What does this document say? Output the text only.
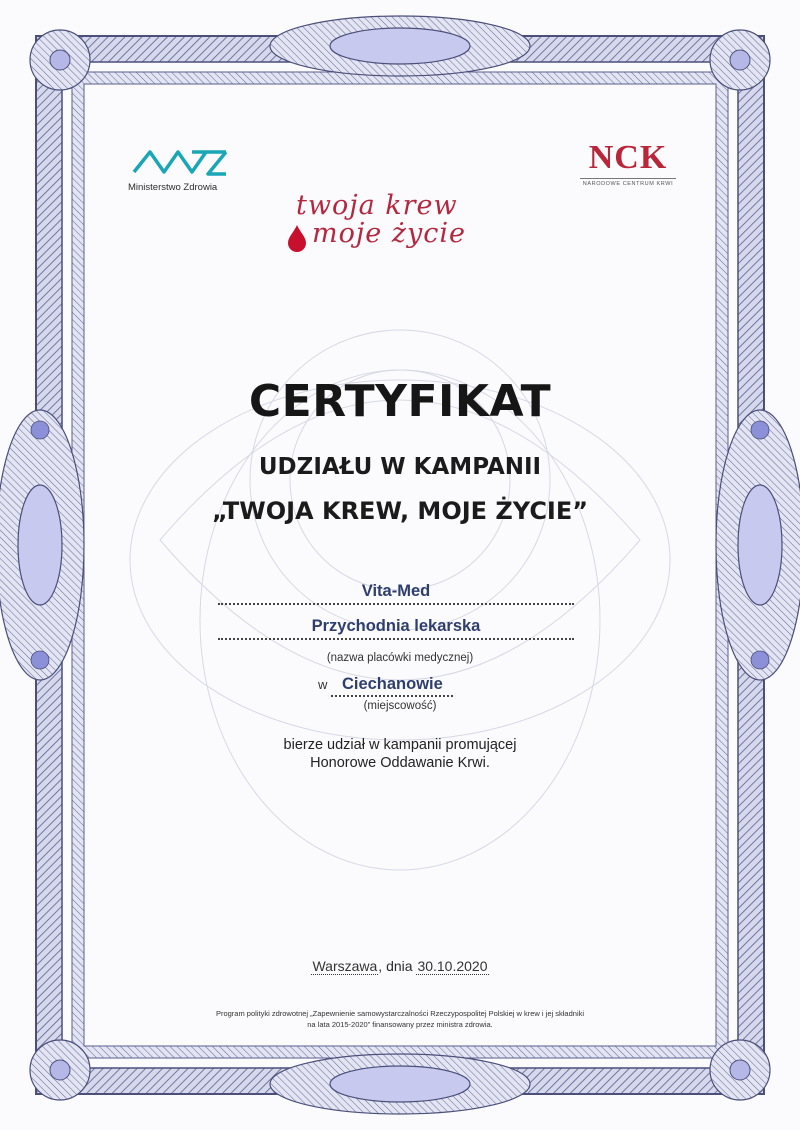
Ministerstwo Zdrowia
NCK
NARODOWE CENTRUM KRWI
twoja krew
moje życie
CERTYFIKAT
UDZIAŁU W KAMPANII
„TWOJA KREW, MOJE ŻYCIE”
Vita-Med
Przychodnia lekarska
(nazwa placówki medycznej)
w Ciechanowie
(miejscowość)
bierze udział w kampanii promującej
Honorowe Oddawanie Krwi.
Warszawa, dnia 30.10.2020
Program polityki zdrowotnej „Zapewnienie samowystarczalności Rzeczypospolitej Polskiej w krew i jej składniki
na lata 2015-2020” finansowany przez ministra zdrowia.
